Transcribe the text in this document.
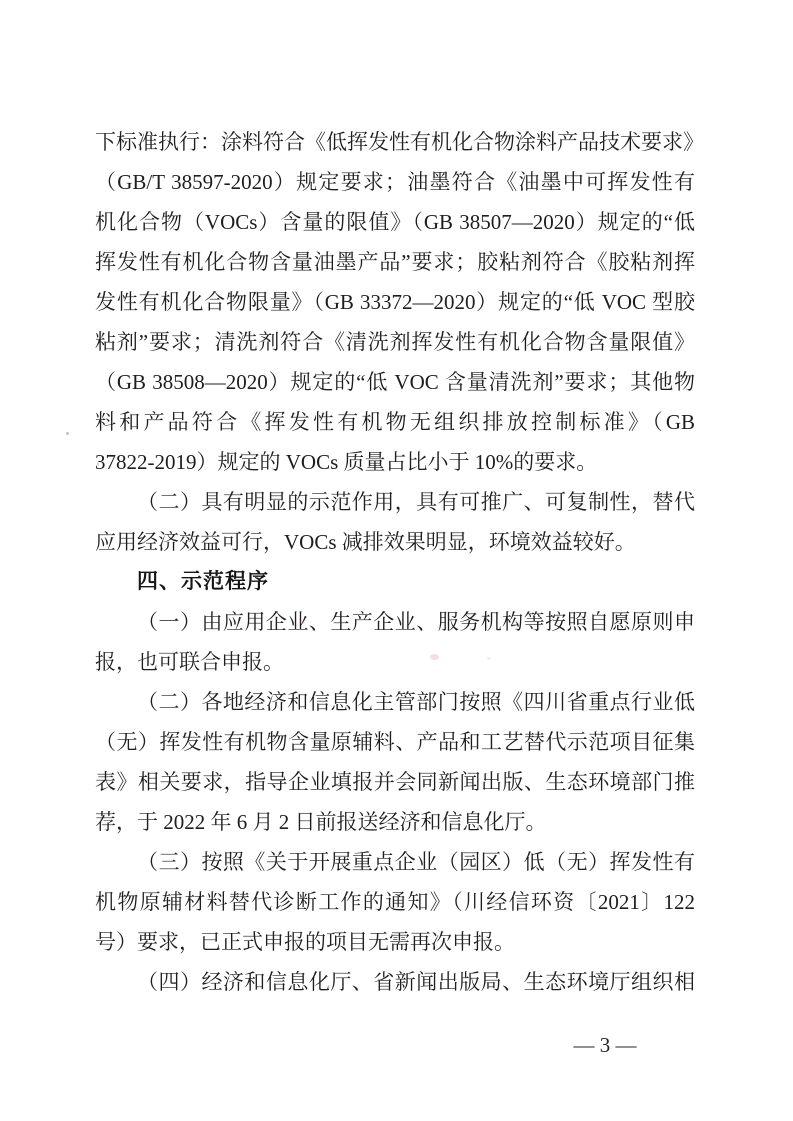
下标准执行：涂料符合《低挥发性有机化合物涂料产品技术要求》
（GB/T 38597-2020）规定要求；油墨符合《油墨中可挥发性有
机化合物（VOCs）含量的限值》（GB 38507—2020）规定的“低
挥发性有机化合物含量油墨产品”要求；胶粘剂符合《胶粘剂挥
发性有机化合物限量》（GB 33372—2020）规定的“低 VOC 型胶
粘剂”要求；清洗剂符合《清洗剂挥发性有机化合物含量限值》
（GB 38508—2020）规定的“低 VOC 含量清洗剂”要求；其他物
料和产品符合《挥发性有机物无组织排放控制标准》（GB
37822-2019）规定的 VOCs 质量占比小于 10%的要求。
（二）具有明显的示范作用，具有可推广、可复制性，替代
应用经济效益可行，VOCs 减排效果明显，环境效益较好。
四、示范程序
（一）由应用企业、生产企业、服务机构等按照自愿原则申
报，也可联合申报。
（二）各地经济和信息化主管部门按照《四川省重点行业低
（无）挥发性有机物含量原辅料、产品和工艺替代示范项目征集
表》相关要求，指导企业填报并会同新闻出版、生态环境部门推
荐，于 2022 年 6 月 2 日前报送经济和信息化厅。
（三）按照《关于开展重点企业（园区）低（无）挥发性有
机物原辅材料替代诊断工作的通知》（川经信环资〔2021〕122
号）要求，已正式申报的项目无需再次申报。
（四）经济和信息化厅、省新闻出版局、生态环境厅组织相
— 3 —
